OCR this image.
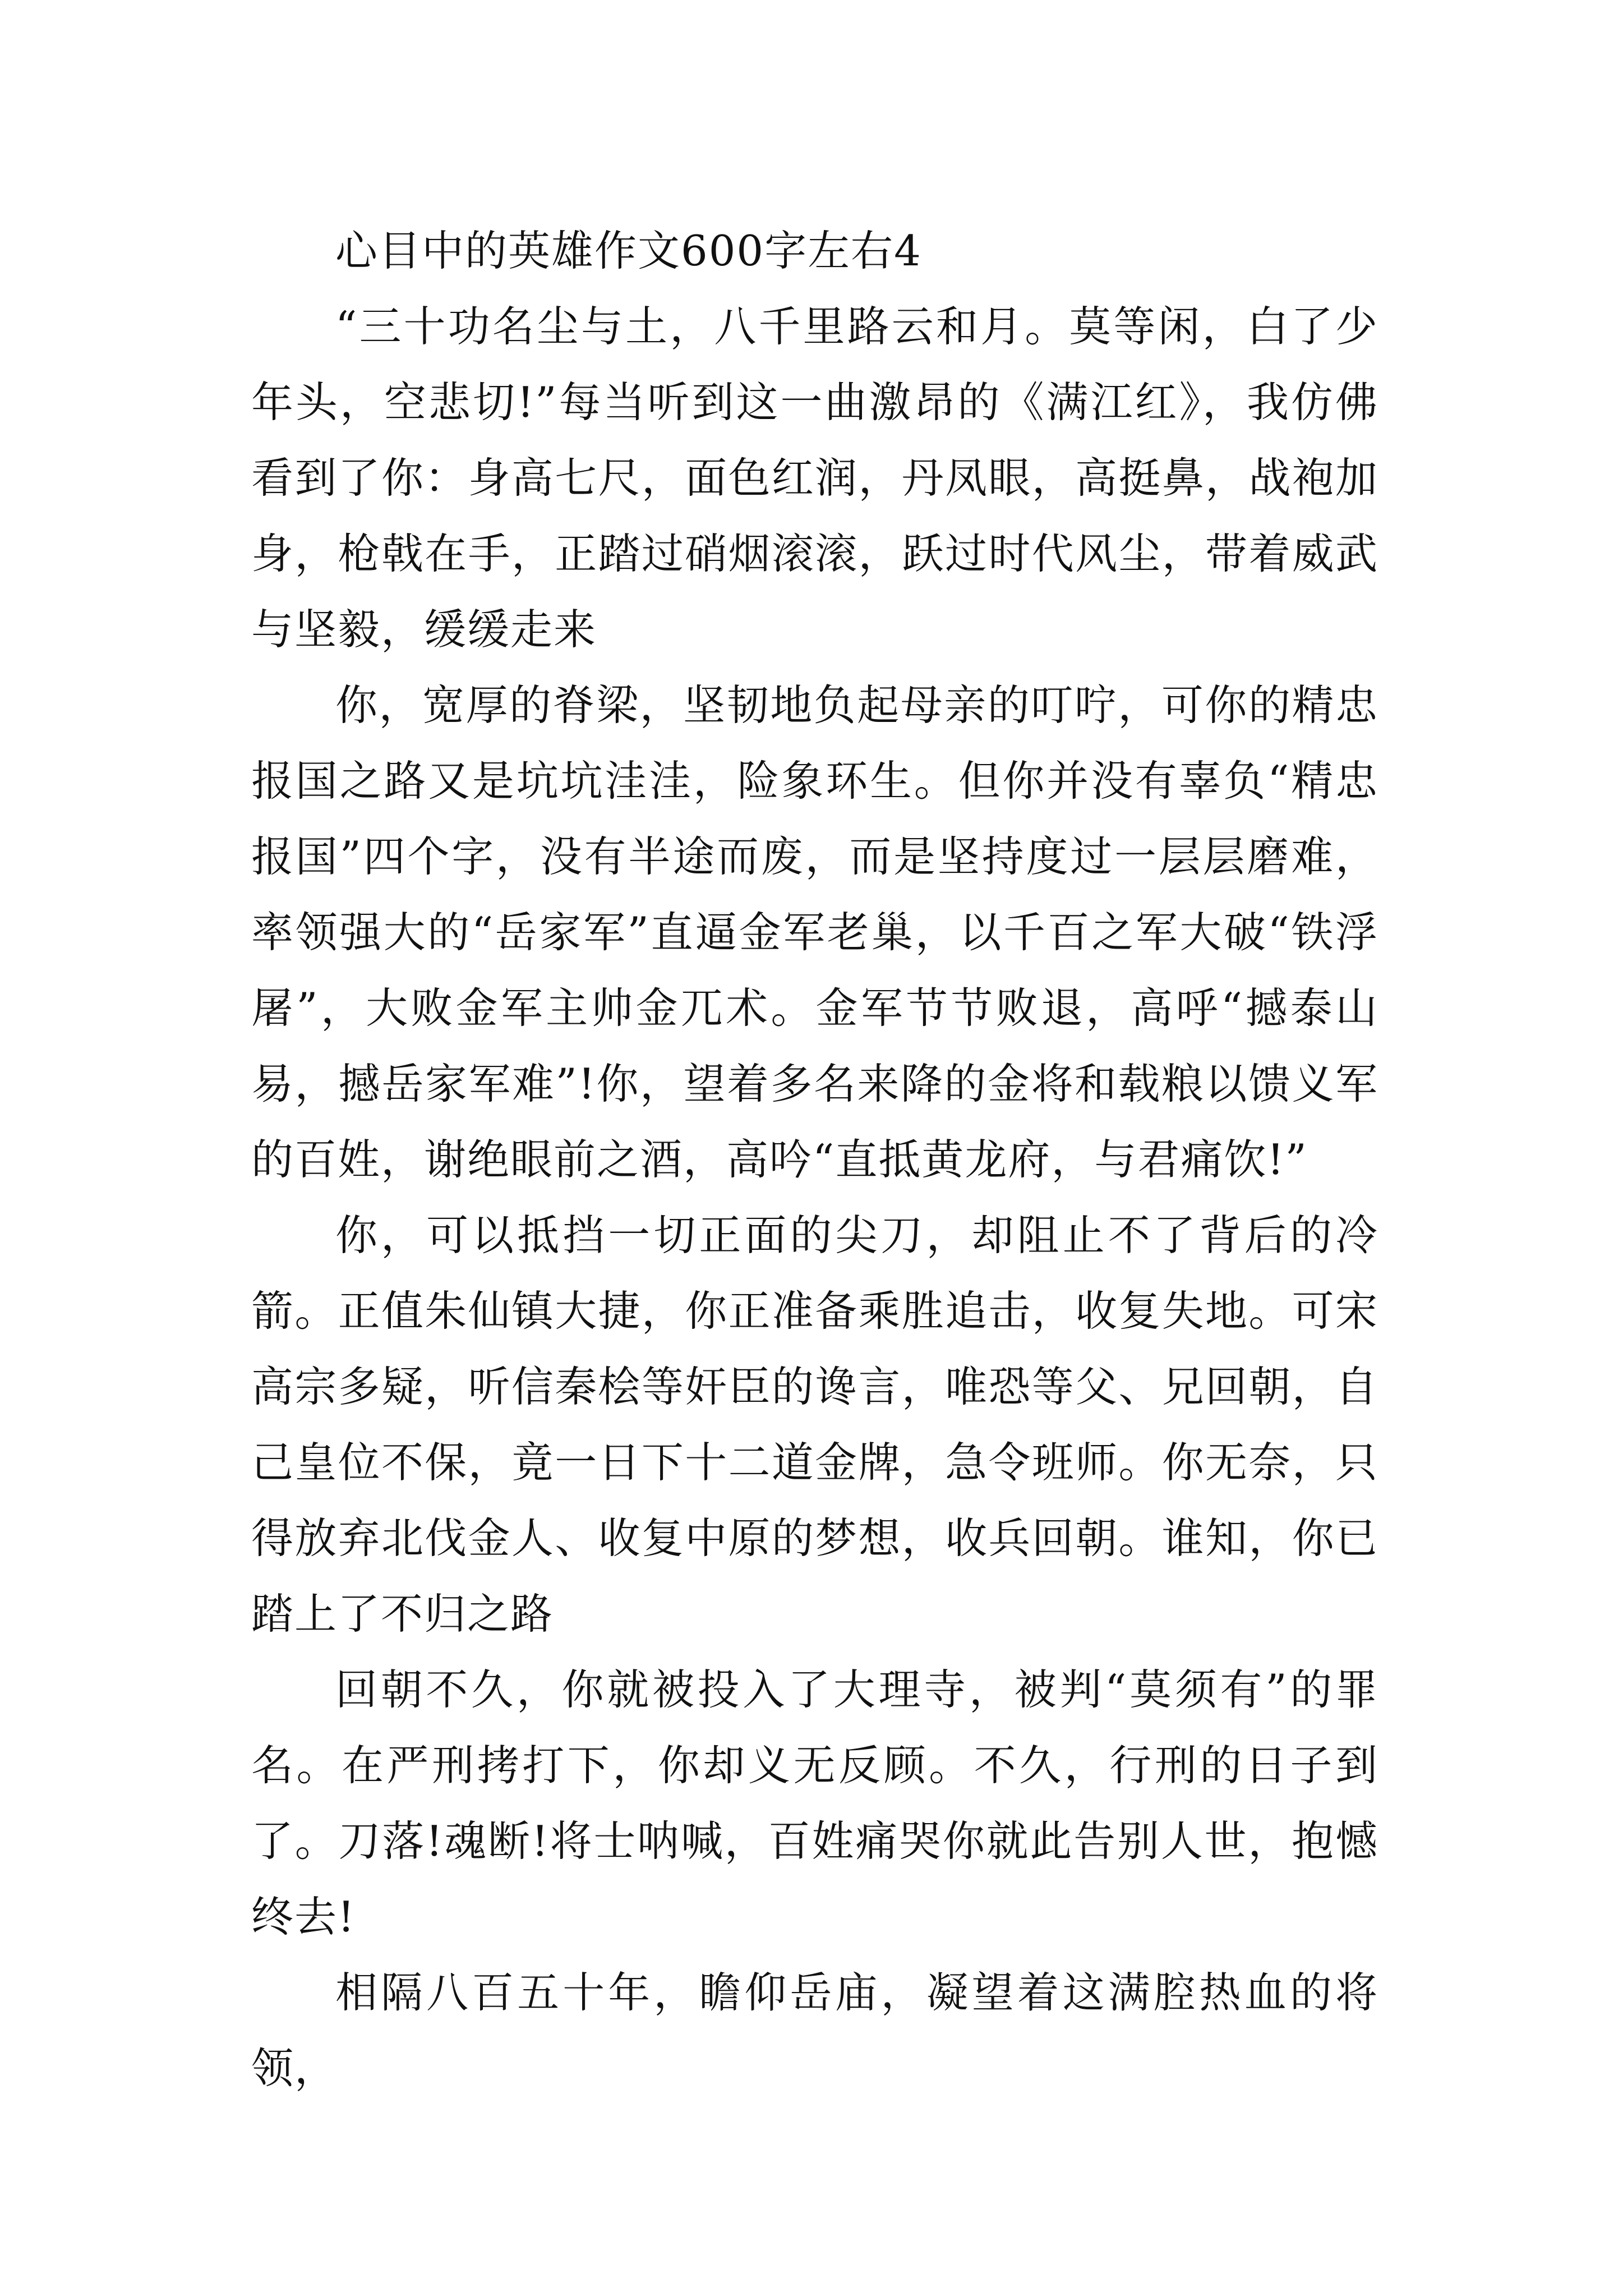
心目中的英雄作文600字左右4

“三十功名尘与土，八千里路云和月。莫等闲，白了少年头，空悲切!”每当听到这一曲激昂的《满江红》，我仿佛看到了你：身高七尺，面色红润，丹凤眼，高挺鼻，战袍加身，枪戟在手，正踏过硝烟滚滚，跃过时代风尘，带着威武与坚毅，缓缓走来

你，宽厚的脊梁，坚韧地负起母亲的叮咛，可你的精忠报国之路又是坑坑洼洼，险象环生。但你并没有辜负“精忠报国”四个字，没有半途而废，而是坚持度过一层层磨难，率领强大的“岳家军”直逼金军老巢，以千百之军大破“铁浮屠”，大败金军主帅金兀术。金军节节败退，高呼“撼泰山易，撼岳家军难”!你，望着多名来降的金将和载粮以馈义军的百姓，谢绝眼前之酒，高吟“直抵黄龙府，与君痛饮!”

你，可以抵挡一切正面的尖刀，却阻止不了背后的冷箭。正值朱仙镇大捷，你正准备乘胜追击，收复失地。可宋高宗多疑，听信秦桧等奸臣的谗言，唯恐等父、兄回朝，自己皇位不保，竟一日下十二道金牌，急令班师。你无奈，只得放弃北伐金人、收复中原的梦想，收兵回朝。谁知，你已踏上了不归之路

回朝不久，你就被投入了大理寺，被判“莫须有”的罪名。在严刑拷打下，你却义无反顾。不久，行刑的日子到了。刀落!魂断!将士呐喊，百姓痛哭你就此告别人世，抱憾终去!

相隔八百五十年，瞻仰岳庙，凝望着这满腔热血的将领，
